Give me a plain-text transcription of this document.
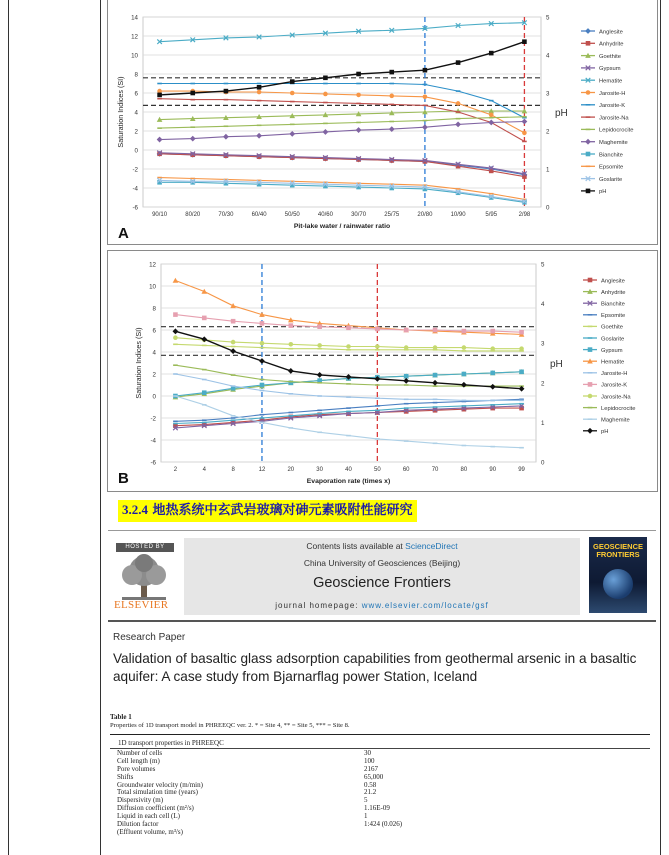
-6
-4
-2
0
2
4
6
8
10
12
14
0
1
2
3
4
5
90/10	80/20	70/30	60/40	50/50	40/60	30/70	25/75	20/80	10/90	5/95	2/98
Pit-lake water / rainwater ratio
Saturation Indices (SI)	pH
A
Anglesite
Anhydrite
Goethite
Gypsum
Hematite
Jarosite-H
Jarosite-K
Jarosite-Na
Lepidocrocite
Maghemite
Bianchite
Epsomite
Goslarite
pH
-6
-4
-2
0
2
4
6
8
10
12
0
1
2
3
4
5
2	4	8	12	20	30	40	50	60	70	80	90	99
Evaporation rate (times x)
Saturation Indices (SI)	pH
B
Anglesite
Anhydrite
Bianchite
Epsomite
Goethite
Goslarite
Gypsum
Hematite
Jarosite-H
Jarosite-K
Jarosite-Na
Lepidocrocite
Maghemite
pH
3.2.4 地热系统中玄武岩玻璃对砷元素吸附性能研究
HOSTED BY
ELSEVIER
Contents lists available at ScienceDirect
China University of Geosciences (Beijing)
Geoscience Frontiers
journal homepage: www.elsevier.com/locate/gsf
GEOSCIENCE FRONTIERS
Research Paper
Validation of basaltic glass adsorption capabilities from geothermal arsenic in a basaltic aquifer: A case study from Bjarnarflag power Station, Iceland
Table 1
Properties of 1D transport model in PHREEQC ver. 2. * = Site 4, ** = Site 5, *** = Site 8.
1D transport properties in PHREEQC
Number of cells	30
Cell length (m)	100
Pore volumes	2167
Shifts	65,000
Groundwater velocity (m/min)	0.58
Total simulation time (years)	21.2
Dispersivity (m)	5
Diffusion coefficient (m²/s)	1.16E-09
Liquid in each cell (L)	1
Dilution factor	1:424 (0.026)
(Effluent volume, m³/s)
